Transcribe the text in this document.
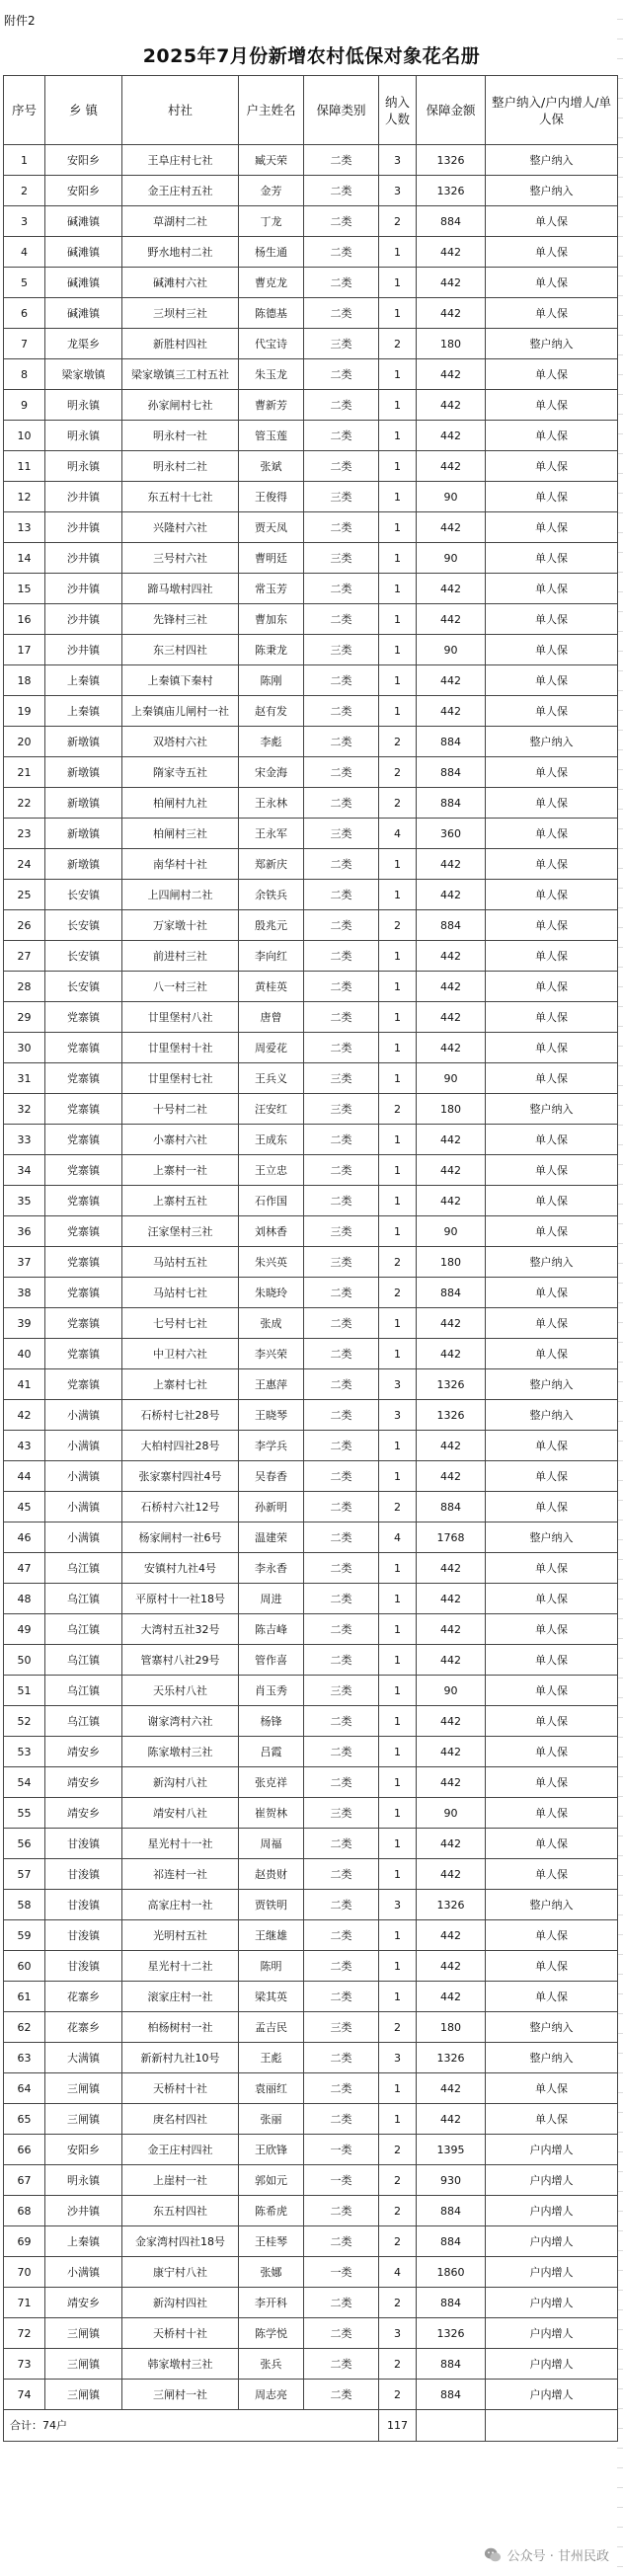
附件2
2025年7月份新增农村低保对象花名册
序号	乡 镇	村社	户主姓名	保障类别	纳入人数	保障金额	整户纳入/户内增人/单人保
1	安阳乡	王阜庄村七社	臧天荣	二类	3	1326	整户纳入
2	安阳乡	金王庄村五社	金芳	二类	3	1326	整户纳入
3	碱滩镇	草湖村二社	丁龙	二类	2	884	单人保
4	碱滩镇	野水地村二社	杨生通	二类	1	442	单人保
5	碱滩镇	碱滩村六社	曹克龙	二类	1	442	单人保
6	碱滩镇	三坝村三社	陈德基	二类	1	442	单人保
7	龙渠乡	新胜村四社	代宝诗	三类	2	180	整户纳入
8	梁家墩镇	梁家墩镇三工村五社	朱玉龙	二类	1	442	单人保
9	明永镇	孙家闸村七社	曹新芳	二类	1	442	单人保
10	明永镇	明永村一社	管玉莲	二类	1	442	单人保
11	明永镇	明永村二社	张斌	二类	1	442	单人保
12	沙井镇	东五村十七社	王俊得	三类	1	90	单人保
13	沙井镇	兴隆村六社	贾天凤	二类	1	442	单人保
14	沙井镇	三号村六社	曹明廷	三类	1	90	单人保
15	沙井镇	蹄马墩村四社	常玉芳	二类	1	442	单人保
16	沙井镇	先锋村三社	曹加东	二类	1	442	单人保
17	沙井镇	东三村四社	陈秉龙	三类	1	90	单人保
18	上秦镇	上秦镇下秦村	陈刚	二类	1	442	单人保
19	上秦镇	上秦镇庙儿闸村一社	赵有发	二类	1	442	单人保
20	新墩镇	双塔村六社	李彪	二类	2	884	整户纳入
21	新墩镇	隋家寺五社	宋金海	二类	2	884	单人保
22	新墩镇	柏闸村九社	王永林	二类	2	884	单人保
23	新墩镇	柏闸村三社	王永军	三类	4	360	单人保
24	新墩镇	南华村十社	郑新庆	二类	1	442	单人保
25	长安镇	上四闸村二社	余铁兵	二类	1	442	单人保
26	长安镇	万家墩十社	殷兆元	二类	2	884	单人保
27	长安镇	前进村三社	李向红	二类	1	442	单人保
28	长安镇	八一村三社	黄桂英	二类	1	442	单人保
29	党寨镇	廿里堡村八社	唐曾	二类	1	442	单人保
30	党寨镇	廿里堡村十社	周爱花	二类	1	442	单人保
31	党寨镇	廿里堡村七社	王兵义	三类	1	90	单人保
32	党寨镇	十号村二社	汪安红	三类	2	180	整户纳入
33	党寨镇	小寨村六社	王成东	二类	1	442	单人保
34	党寨镇	上寨村一社	王立忠	二类	1	442	单人保
35	党寨镇	上寨村五社	石作国	二类	1	442	单人保
36	党寨镇	汪家堡村三社	刘林香	三类	1	90	单人保
37	党寨镇	马站村五社	朱兴英	三类	2	180	整户纳入
38	党寨镇	马站村七社	朱晓玲	二类	2	884	单人保
39	党寨镇	七号村七社	张成	二类	1	442	单人保
40	党寨镇	中卫村六社	李兴荣	二类	1	442	单人保
41	党寨镇	上寨村七社	王惠萍	二类	3	1326	整户纳入
42	小满镇	石桥村七社28号	王晓琴	二类	3	1326	整户纳入
43	小满镇	大柏村四社28号	李学兵	二类	1	442	单人保
44	小满镇	张家寨村四社4号	吴春香	二类	1	442	单人保
45	小满镇	石桥村六社12号	孙新明	二类	2	884	单人保
46	小满镇	杨家闸村一社6号	温建荣	二类	4	1768	整户纳入
47	乌江镇	安镇村九社4号	李永香	二类	1	442	单人保
48	乌江镇	平原村十一社18号	周进	二类	1	442	单人保
49	乌江镇	大湾村五社32号	陈吉峰	二类	1	442	单人保
50	乌江镇	管寨村八社29号	管作喜	二类	1	442	单人保
51	乌江镇	天乐村八社	肖玉秀	三类	1	90	单人保
52	乌江镇	谢家湾村六社	杨锋	二类	1	442	单人保
53	靖安乡	陈家墩村三社	吕霞	二类	1	442	单人保
54	靖安乡	新沟村八社	张克祥	二类	1	442	单人保
55	靖安乡	靖安村八社	崔贺林	三类	1	90	单人保
56	甘浚镇	星光村十一社	周福	二类	1	442	单人保
57	甘浚镇	祁连村一社	赵贵财	二类	1	442	单人保
58	甘浚镇	高家庄村一社	贾铁明	二类	3	1326	整户纳入
59	甘浚镇	光明村五社	王继雄	二类	1	442	单人保
60	甘浚镇	星光村十二社	陈明	二类	1	442	单人保
61	花寨乡	滚家庄村一社	梁其英	二类	1	442	单人保
62	花寨乡	柏杨树村一社	孟吉民	三类	2	180	整户纳入
63	大满镇	新新村九社10号	王彪	二类	3	1326	整户纳入
64	三闸镇	天桥村十社	袁丽红	二类	1	442	单人保
65	三闸镇	庚名村四社	张丽	二类	1	442	单人保
66	安阳乡	金王庄村四社	王欣锋	一类	2	1395	户内增人
67	明永镇	上崖村一社	郭如元	一类	2	930	户内增人
68	沙井镇	东五村四社	陈希虎	二类	2	884	户内增人
69	上秦镇	金家湾村四社18号	王桂琴	二类	2	884	户内增人
70	小满镇	康宁村八社	张娜	一类	4	1860	户内增人
71	靖安乡	新沟村四社	李开科	二类	2	884	户内增人
72	三闸镇	天桥村十社	陈学悦	二类	3	1326	户内增人
73	三闸镇	韩家墩村三社	张兵	二类	2	884	户内增人
74	三闸镇	三闸村一社	周志亮	二类	2	884	户内增人
合计：74户					117		
公众号 · 甘州民政
